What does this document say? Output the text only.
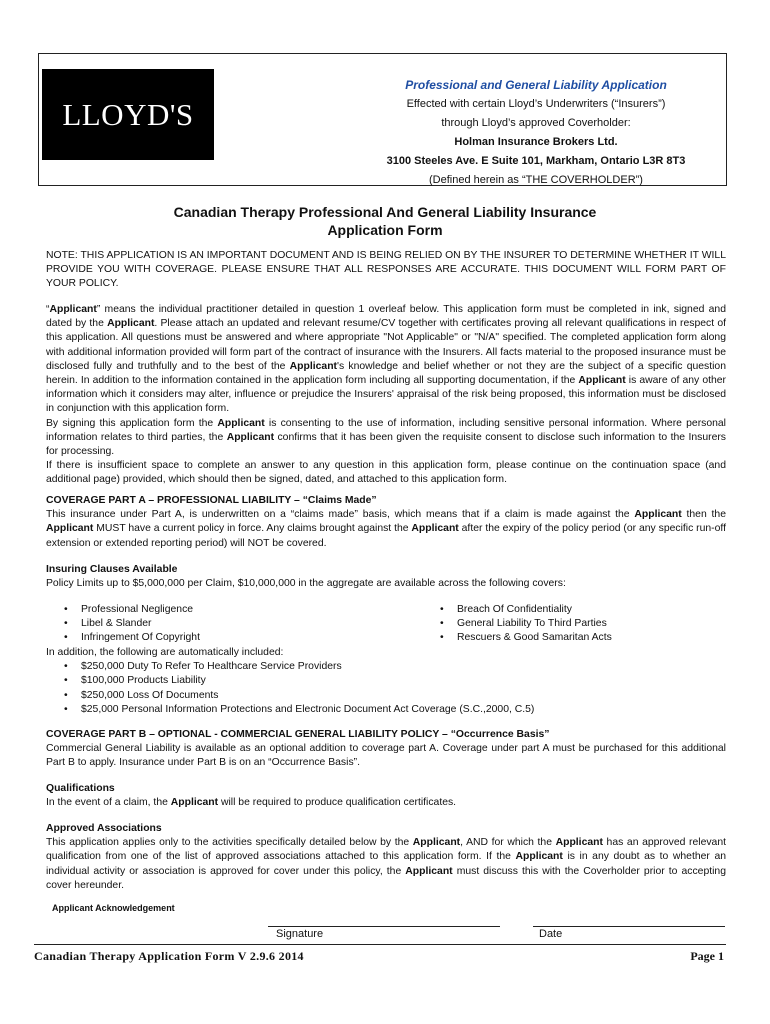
LLOYD'S
Professional and General Liability Application
Effected with certain Lloyd’s Underwriters (“Insurers”)
through Lloyd’s approved Coverholder:
Holman Insurance Brokers Ltd.
3100 Steeles Ave. E Suite 101, Markham, Ontario L3R 8T3
(Defined herein as “THE COVERHOLDER”)
Canadian Therapy Professional And General Liability Insurance
Application Form

NOTE: THIS APPLICATION IS AN IMPORTANT DOCUMENT AND IS BEING RELIED ON BY THE INSURER TO DETERMINE WHETHER IT WILL PROVIDE YOU WITH COVERAGE. PLEASE ENSURE THAT ALL RESPONSES ARE ACCURATE. THIS DOCUMENT WILL FORM PART OF YOUR POLICY.

“Applicant” means the individual practitioner detailed in question 1 overleaf below. This application form must be completed in ink, signed and dated by the Applicant. Please attach an updated and relevant resume/CV together with certificates proving all relevant qualifications in respect of this application. All questions must be answered and where appropriate "Not Applicable" or "N/A" specified. The completed application form along with additional information provided will form part of the contract of insurance with the Insurers. All facts material to the proposed insurance must be disclosed fully and truthfully and to the best of the Applicant's knowledge and belief whether or not they are the subject of a specific question herein. In addition to the information contained in the application form including all supporting documentation, if the Applicant is aware of any other information which it considers may alter, influence or prejudice the Insurers' appraisal of the risk being proposed, this information must be disclosed in conjunction with this application form.

By signing this application form the Applicant is consenting to the use of information, including sensitive personal information. Where personal information relates to third parties, the Applicant confirms that it has been given the requisite consent to disclose such information to the Insurers for processing.

If there is insufficient space to complete an answer to any question in this application form, please continue on the continuation space (and additional page) provided, which should then be signed, dated, and attached to this application form.

COVERAGE PART A – PROFESSIONAL LIABILITY – “Claims Made”

This insurance under Part A, is underwritten on a “claims made” basis, which means that if a claim is made against the Applicant then the Applicant MUST have a current policy in force. Any claims brought against the Applicant after the expiry of the policy period (or any specific run-off extension or extended reporting period) will NOT be covered.

Insuring Clauses Available

Policy Limits up to $5,000,000 per Claim, $10,000,000 in the aggregate are available across the following covers:

• Professional Negligence
• Libel & Slander
• Infringement Of Copyright
• Breach Of Confidentiality
• General Liability To Third Parties
• Rescuers & Good Samaritan Acts

In addition, the following are automatically included:

• $250,000 Duty To Refer To Healthcare Service Providers
• $100,000 Products Liability
• $250,000 Loss Of Documents
• $25,000 Personal Information Protections and Electronic Document Act Coverage (S.C.,2000, C.5)

COVERAGE PART B – OPTIONAL - COMMERCIAL GENERAL LIABILITY POLICY – “Occurrence Basis”

Commercial General Liability is available as an optional addition to coverage part A. Coverage under part A must be purchased for this additional Part B to apply. Insurance under Part B is on an “Occurrence Basis”.

Qualifications

In the event of a claim, the Applicant will be required to produce qualification certificates.

Approved Associations

This application applies only to the activities specifically detailed below by the Applicant, AND for which the Applicant has an approved relevant qualification from one of the list of approved associations attached to this application form. If the Applicant is in any doubt as to whether an individual activity or association is approved for cover under this policy, the Applicant must discuss this with the Coverholder prior to accepting cover hereunder.

Applicant Acknowledgement
Signature	Date
Canadian Therapy Application Form V 2.9.6 2014	Page 1
